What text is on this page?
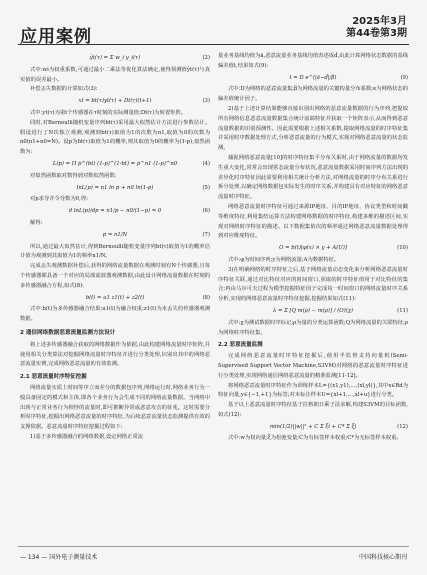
应用案例
2025年3月
第44卷第3期
ŷt(τ) = Σ w_i y_i(τ)	(2)

式中:wi为权重系数,可通过最小二乘法等优化算法确定,使得预测值ŷt(τ)与真实值的误差最小。

补偿丢失数据的计算如式(3):

xt = bt(τ)yt(τ) + Dt(τ)(t+1)	(3)

式中:yt(τ)为第t个传感器在τ时刻的实际测量值;Dt(τ)为转置矩阵。

同时,对Bernoulli随机变量序列bt(τ)采用最大似然估计方法进行参数估计。假设进行了N次独立观测,观测到bt(τ)取值为1的次数为n1,取值为0的次数为n0(n1+n0=N)。设p为bt(τ)取值为1的概率,则其取值为0的概率为(1-p),似然函数为:

L(p) = Π p^(bt) (1-p)^(1-bt) = p^n1 (1-p)^n0	(4)

对似然函数取对数得到对数似然函数:

lnL(p) = n1 ln p + n0 ln(1-p)	(5)

对p求导并令导数为0,得:

d lnL(p)/dp = n1/p − n0/(1−p) = 0	(6)

解得:

p = n1/N	(7)

所以,通过最大似然估计,得到Bernoulli随机变量序列bt(τ)取值为1的概率估计值为观测到其取值为1的频率n1/N。

完成丢失观测数据补偿后,获得的网络流量数据在观测时刻有N个传感器,且每个传感器都具备一个对应的局部滤波器观测数据,由此设计网络流量数据在时刻的多传感器融合方程,如式(8):

b(t) = u1 z1(t) + z2(t)	(8)

式中:b(t)为多传感器融合结果;u1(t)为融合权重;z1(t)为未丢失的传感器观测数据。

2 通信网络数据恶意流量监测方法设计

将上述多传感器融合获取的网络数据作为依据,由此构建网络流量时序矩阵,并使用相关分类算法对挖掘网络流量时序特征并进行分类处理,识别出其中的网络恶意流量实例,完成网络恶意流量的有效监测。

2.1 恶意流量时序特征挖掘

网络流量实质上时间等序立而差分的数据包序列,网络运行时,网络业务行为一般具备固定的模式和主体,即各个业务行为会生成不同的网络流量数据。当网络中出现与正常业务行为相悖的流量时,即可推断异常或恶意攻击的征兆。这时需要分析时序特征,挖掘出网络恶意流量的时序特征,为后续恶意流量状态监测提供有效的支撑依据。恶意流量时序特征挖掘过程如下:

1)基于多传感器融合的网络数据,设定网络正常流

量业务基线均值为ā,恶意流量业务基线均值表述成d̄,由此计算网络状态数据的基线偏差值t,结果如式(9):

t = D e^(|ā−d̄|/β)	(9)

式中:D为网络的恶意流量集;β为网络流量的关键构量分布系数;e为网络状态的偏差值统计因子。

2)基于上述计算结果能够直接识别出网络的恶意流量数据的行为序列,把提取所有网络信息恶意流量数据集合统计前端特征并获取一个矩阵表示,从而得到恶意流量数据的识别预测性。因此需要根据上述相关系数,提取网络流量的时序特征集并采用时序数据处理方式,分析恶意流量的行为模式,实现对网络恶意流量的状态监测。

捕捉网络恶意流量[10]的时序特征集平分布关系时,由于网络流量的数据均发生重大变化,常常会出现常态流量分布状况,恶意流量数据采用时间序列方法出现的差异化时序特征因此需要利用相关统计分析方法,对网络流量的时序分布关系进行拆分处理,以确定网络数据包实际发生的时序关系,并构建具有对应特征的网络恶意流量时序特征。

网络恶意流量时序特征可通过来源IP地址、目的IP地址、协议类型和时间戳等维度特征,利用集结运算方法构建网络数据的时序特征,构建多维的描述区间,实现对网络时序特征的描述。以下数据集依次的频率通过网络恶意流量数据处理得到对应维度特征。

O = b(t)[φ(x) × y + A(U)]	(10)

式中:φ为时间序列;y为网络流量;A为数据特征。

3)在明确网络的时序特征之后,基于网络流量动态变化来分析网络恶意流量时序特征关联,通过对比特征对应的时间窗口,获取的时序特征值用于对比特征的集合;再由马尔可夫过程为模型挖掘特征因子完成每一时间窗口的网络流量时序关系分析,实现的网络恶意流量时序特征挖掘,挖掘结果如式(11):

λ = Σ [Q m(ρ) − m(ρ)] / (O)(χ)	(11)

式中:χ为测试数据时序标记;ρ为量的分类运算函数;Q为网络流量的关联特征;ρ为网络时序特征集。

2.2 恶意流量监测

完成网络恶意流量时序特征挖掘后,使用半监督支持向量机(Semi-Supervised Support Vector Machine,S3VM)对网络的恶意流量时序特征进行分类处理,实现网络通信网络恶意流量的精准监测[11-12]。

将网络恶意流量时序特征作为训练样本L={(x1,y1),…,(xl,yl)},其中x∈Rd为特征向量,y∈{−1,+1}为标签;对未标注样本U={xl+1,…,xl+u}进行分类。

基于以上恶意流量时序特征基于拉格朗日乘子法求解,构建S3VM的目标函数,如式(12):

min(1/2)||w||² + C Σ ξi + C* Σ ξj	(12)

式中:w为权向量;ξ为松弛变量;C为有标签样本权重;C*为无标签样本权重。

— 134 — 国外电子测量技术	中国科技核心期刊
